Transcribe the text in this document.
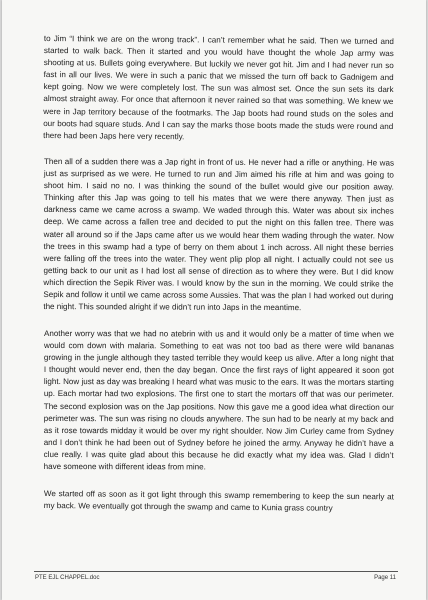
to Jim “I think we are on the wrong track”. I can’t remember what he said. Then we turned and started to walk back. Then it started and you would have thought the whole Jap army was shooting at us. Bullets going everywhere. But luckily we never got hit. Jim and I had never run so fast in all our lives. We were in such a panic that we missed the turn off back to Gadnigem and kept going. Now we were completely lost. The sun was almost set. Once the sun sets its dark almost straight away. For once that afternoon it never rained so that was something. We knew we were in Jap territory because of the footmarks. The Jap boots had round studs on the soles and our boots had square studs. And I can say the marks those boots made the studs were round and there had been Japs here very recently.

Then all of a sudden there was a Jap right in front of us. He never had a rifle or anything. He was just as surprised as we were. He turned to run and Jim aimed his rifle at him and was going to shoot him. I said no no. I was thinking the sound of the bullet would give our position away. Thinking after this Jap was going to tell his mates that we were there anyway. Then just as darkness came we came across a swamp. We waded through this. Water was about six inches deep. We came across a fallen tree and decided to put the night on this fallen tree. There was water all around so if the Japs came after us we would hear them wading through the water. Now the trees in this swamp had a type of berry on them about 1 inch across. All night these berries were falling off the trees into the water. They went plip plop all night. I actually could not see us getting back to our unit as I had lost all sense of direction as to where they were. But I did know which direction the Sepik River was. I would know by the sun in the morning. We could strike the Sepik and follow it until we came across some Aussies. That was the plan I had worked out during the night. This sounded alright if we didn’t run into Japs in the meantime.

Another worry was that we had no atebrin with us and it would only be a matter of time when we would com down with malaria. Something to eat was not too bad as there were wild bananas growing in the jungle although they tasted terrible they would keep us alive. After a long night that I thought would never end, then the day began. Once the first rays of light appeared it soon got light. Now just as day was breaking I heard what was music to the ears. It was the mortars starting up. Each mortar had two explosions. The first one to start the mortars off that was our perimeter. The second explosion was on the Jap positions. Now this gave me a good idea what direction our perimeter was. The sun was rising no clouds anywhere. The sun had to be nearly at my back and as it rose towards midday it would be over my right shoulder. Now Jim Curley came from Sydney and I don’t think he had been out of Sydney before he joined the army. Anyway he didn’t have a clue really. I was quite glad about this because he did exactly what my idea was. Glad I didn’t have someone with different ideas from mine.

We started off as soon as it got light through this swamp remembering to keep the sun nearly at my back. We eventually got through the swamp and came to Kunia grass country

PTE EJL CHAPPEL.doc	Page 11
